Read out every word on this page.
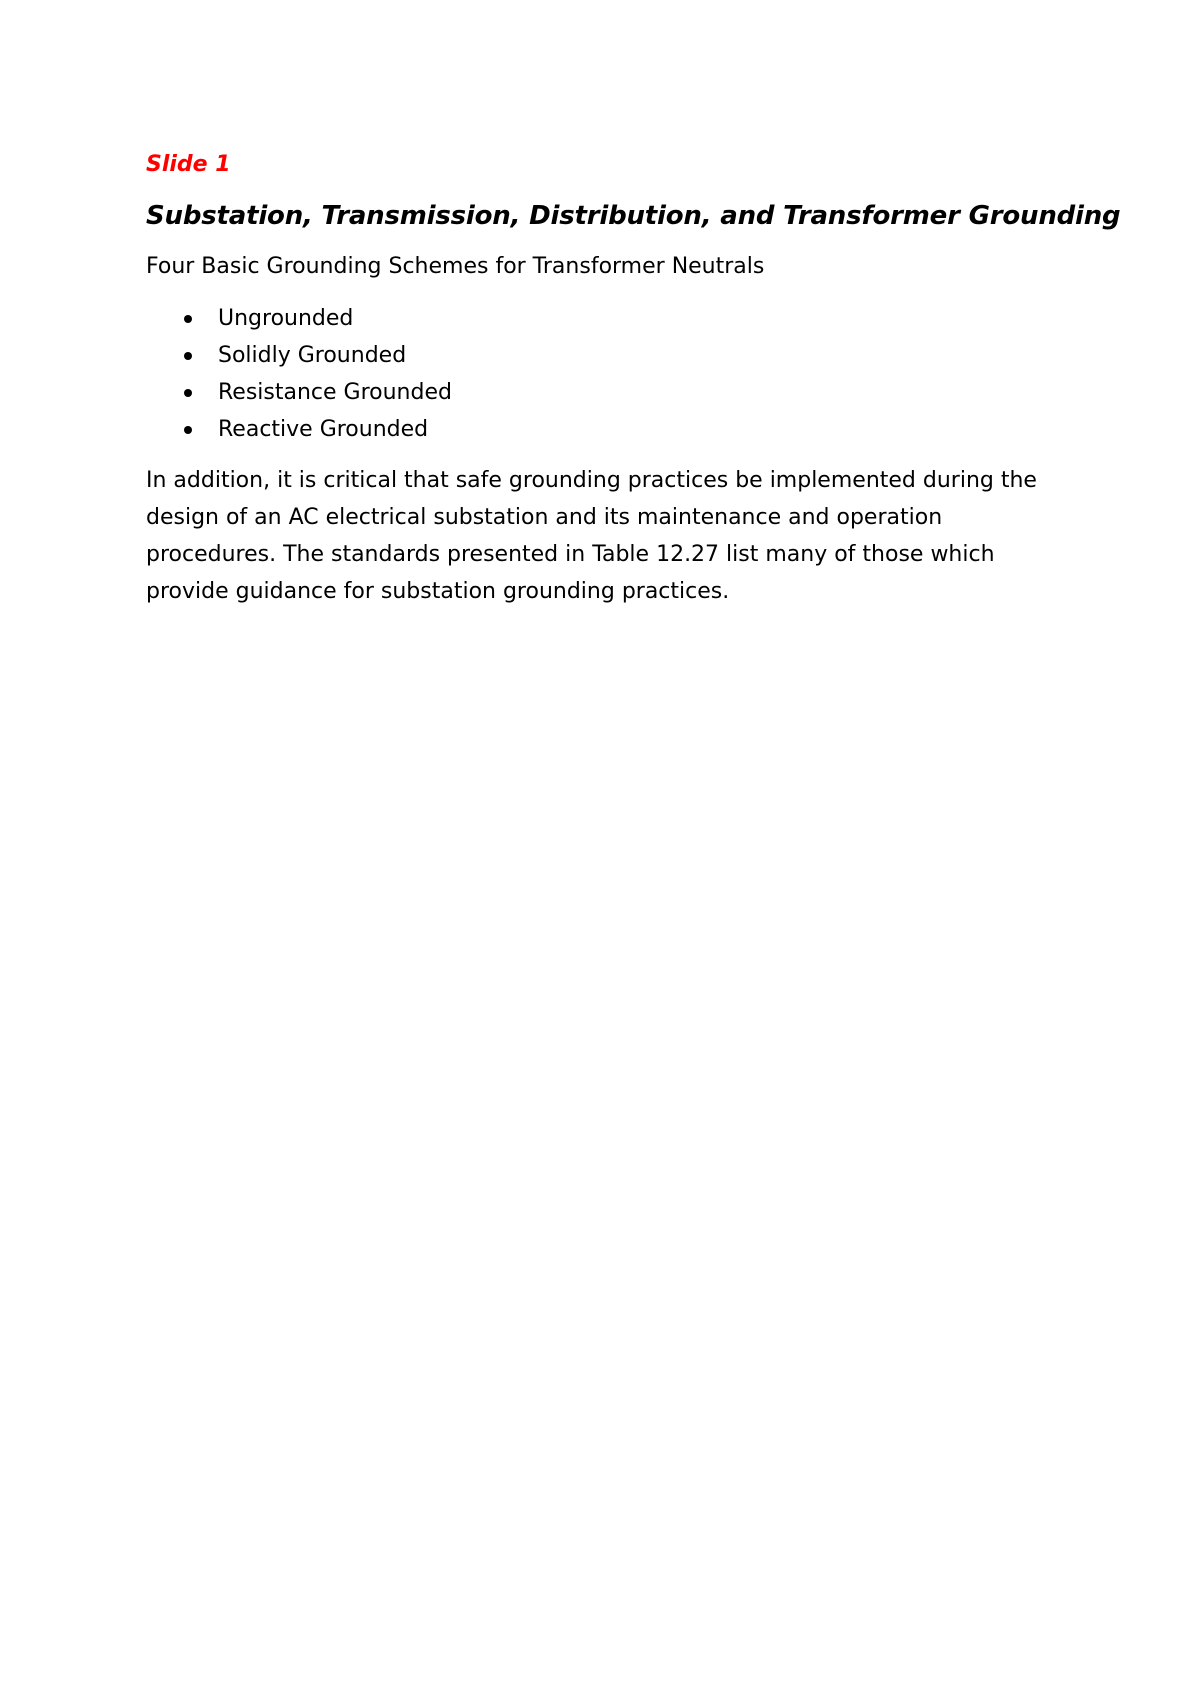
Slide 1

Substation, Transmission, Distribution, and Transformer Grounding

Four Basic Grounding Schemes for Transformer Neutrals

Ungrounded
Solidly Grounded
Resistance Grounded
Reactive Grounded

In addition, it is critical that safe grounding practices be implemented during the design of an AC electrical substation and its maintenance and operation procedures. The standards presented in Table 12.27 list many of those which provide guidance for substation grounding practices.
